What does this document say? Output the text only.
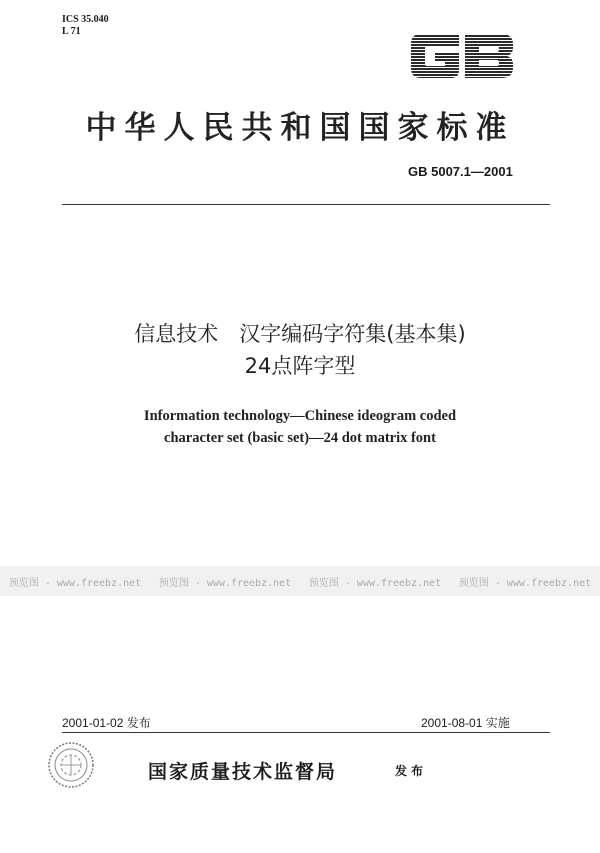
ICS 35.040
L 71
中华人民共和国国家标准
GB 5007.1—2001
信息技术　汉字编码字符集(基本集)
24点阵字型
Information technology—Chinese ideogram coded
character set (basic set)—24 dot matrix font
预览图 - www.freebz.net 预览图 - www.freebz.net 预览图 - www.freebz.net 预览图 - www.freebz.net
2001-01-02 发布	2001-08-01 实施
国家质量技术监督局	发布
